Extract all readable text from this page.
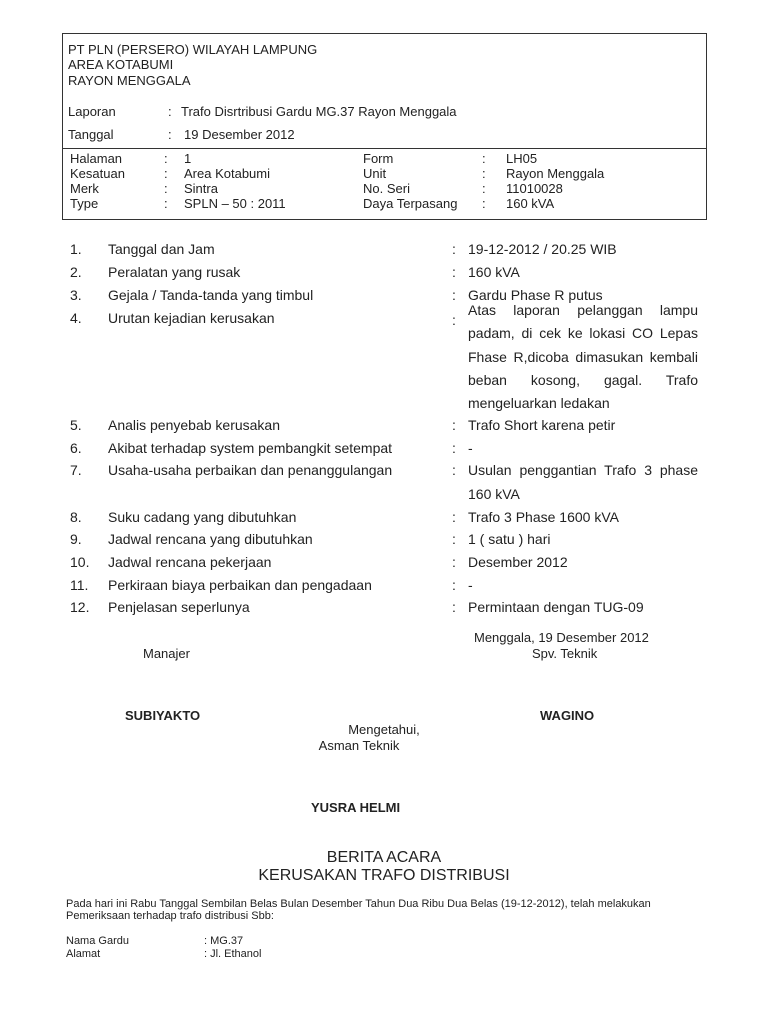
PT PLN (PERSERO) WILAYAH LAMPUNG
AREA KOTABUMI
RAYON MENGGALA
Laporan	: Trafo Disrtribusi Gardu MG.37 Rayon Menggala
Tanggal	: 19 Desember 2012
Halaman	: 1	Form	: LH05
Kesatuan	: Area Kotabumi	Unit	: Rayon Menggala
Merk	: Sintra	No. Seri	: 11010028
Type	: SPLN – 50 : 2011	Daya Terpasang : 160 kVA
1. Tanggal dan Jam	: 19-12-2012 / 20.25 WIB
2. Peralatan yang rusak	: 160 kVA
3. Gejala / Tanda-tanda yang timbul	: Gardu Phase R putus
4. Urutan kejadian kerusakan	:
Atas laporan pelanggan lampu
padam, di cek ke lokasi CO Lepas
Fhase R,dicoba dimasukan kembali
beban kosong, gagal. Trafo
mengeluarkan ledakan
5. Analis penyebab kerusakan	: Trafo Short karena petir
6. Akibat terhadap system pembangkit setempat	: -
7. Usaha-usaha perbaikan dan penanggulangan	: Usulan penggantian Trafo 3 phase
160 kVA
8. Suku cadang yang dibutuhkan	: Trafo 3 Phase 1600 kVA
9. Jadwal rencana yang dibutuhkan	: 1 ( satu ) hari
10. Jadwal rencana pekerjaan	: Desember 2012
11. Perkiraan biaya perbaikan dan pengadaan	: -
12. Penjelasan seperlunya	: Permintaan dengan TUG-09
Menggala, 19 Desember 2012
Manajer	Spv. Teknik
SUBIYAKTO	WAGINO
Mengetahui,
Asman Teknik
YUSRA HELMI
BERITA ACARA
KERUSAKAN TRAFO DISTRIBUSI
Pada hari ini Rabu Tanggal Sembilan Belas Bulan Desember Tahun Dua Ribu Dua Belas (19-12-2012), telah melakukan
Pemeriksaan terhadap trafo distribusi Sbb:
Nama Gardu	: MG.37
Alamat	: Jl. Ethanol
